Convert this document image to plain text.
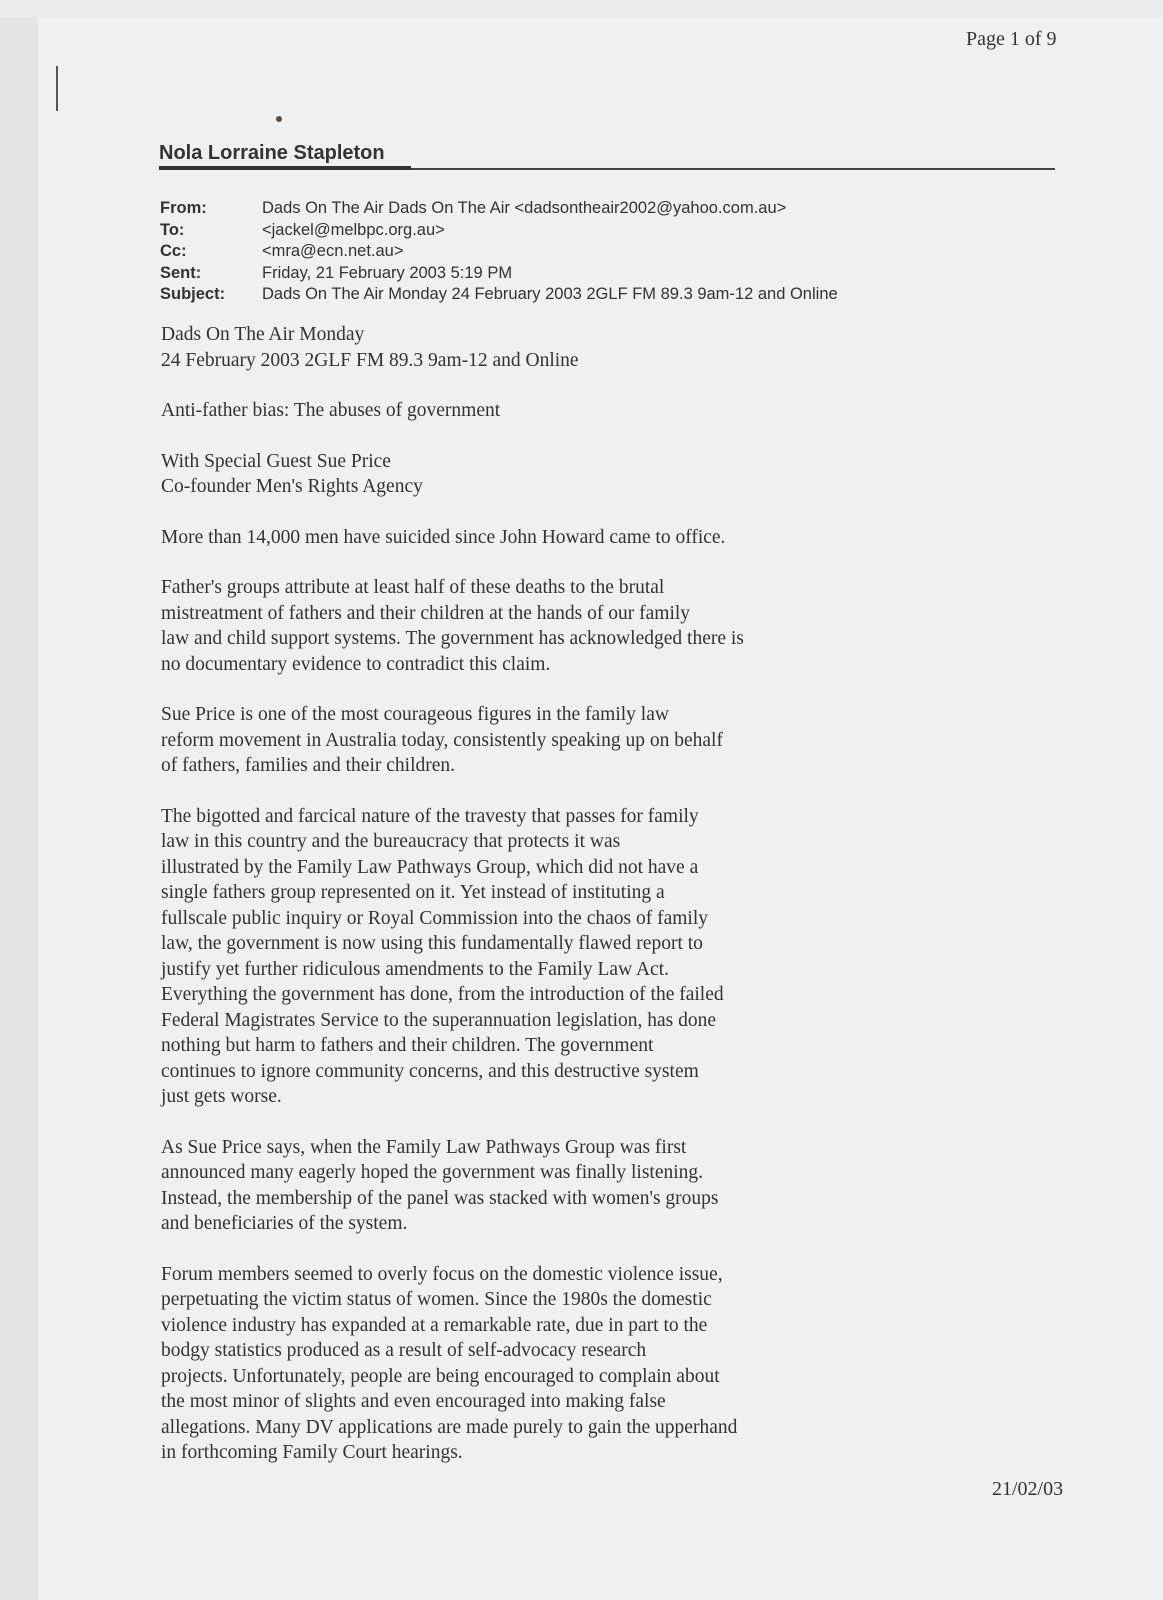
Page 1 of 9
Nola Lorraine Stapleton
From:	Dads On The Air Dads On The Air <dadsontheair2002@yahoo.com.au>
To:	<jackel@melbpc.org.au>
Cc:	<mra@ecn.net.au>
Sent:	Friday, 21 February 2003 5:19 PM
Subject:	Dads On The Air Monday 24 February 2003 2GLF FM 89.3 9am-12 and Online

Dads On The Air Monday
24 February 2003 2GLF FM 89.3 9am-12 and Online

Anti-father bias: The abuses of government

With Special Guest Sue Price
Co-founder Men's Rights Agency

More than 14,000 men have suicided since John Howard came to office.

Father's groups attribute at least half of these deaths to the brutal
mistreatment of fathers and their children at the hands of our family
law and child support systems. The government has acknowledged there is
no documentary evidence to contradict this claim.

Sue Price is one of the most courageous figures in the family law
reform movement in Australia today, consistently speaking up on behalf
of fathers, families and their children.

The bigotted and farcical nature of the travesty that passes for family
law in this country and the bureaucracy that protects it was
illustrated by the Family Law Pathways Group, which did not have a
single fathers group represented on it. Yet instead of instituting a
fullscale public inquiry or Royal Commission into the chaos of family
law, the government is now using this fundamentally flawed report to
justify yet further ridiculous amendments to the Family Law Act.
Everything the government has done, from the introduction of the failed
Federal Magistrates Service to the superannuation legislation, has done
nothing but harm to fathers and their children. The government
continues to ignore community concerns, and this destructive system
just gets worse.

As Sue Price says, when the Family Law Pathways Group was first
announced many eagerly hoped the government was finally listening.
Instead, the membership of the panel was stacked with women's groups
and beneficiaries of the system.

Forum members seemed to overly focus on the domestic violence issue,
perpetuating the victim status of women. Since the 1980s the domestic
violence industry has expanded at a remarkable rate, due in part to the
bodgy statistics produced as a result of self-advocacy research
projects. Unfortunately, people are being encouraged to complain about
the most minor of slights and even encouraged into making false
allegations. Many DV applications are made purely to gain the upperhand
in forthcoming Family Court hearings.

21/02/03
